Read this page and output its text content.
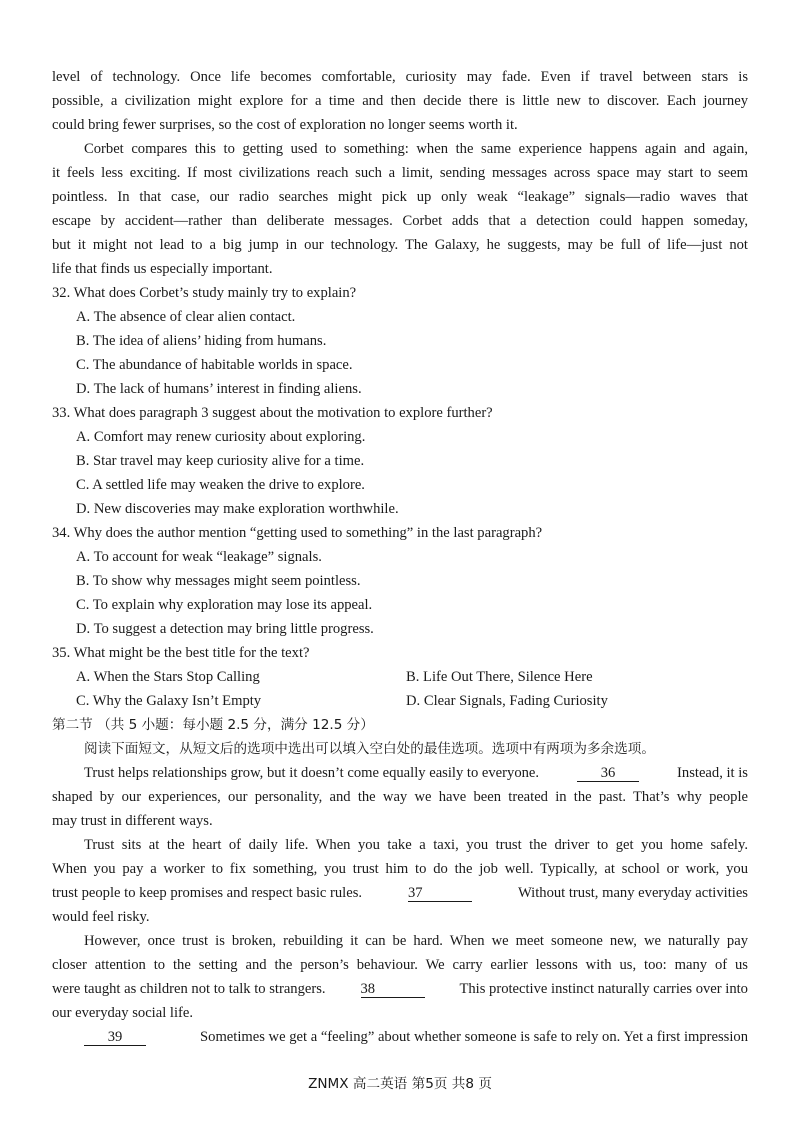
level of technology. Once life becomes comfortable, curiosity may fade. Even if travel between stars is
possible, a civilization might explore for a time and then decide there is little new to discover. Each journey
could bring fewer surprises, so the cost of exploration no longer seems worth it.
Corbet compares this to getting used to something: when the same experience happens again and again,
it feels less exciting. If most civilizations reach such a limit, sending messages across space may start to seem
pointless. In that case, our radio searches might pick up only weak “leakage” signals—radio waves that
escape by accident—rather than deliberate messages. Corbet adds that a detection could happen someday,
but it might not lead to a big jump in our technology. The Galaxy, he suggests, may be full of life—just not
life that finds us especially important.
32. What does Corbet’s study mainly try to explain?
A. The absence of clear alien contact.
B. The idea of aliens’ hiding from humans.
C. The abundance of habitable worlds in space.
D. The lack of humans’ interest in finding aliens.
33. What does paragraph 3 suggest about the motivation to explore further?
A. Comfort may renew curiosity about exploring.
B. Star travel may keep curiosity alive for a time.
C. A settled life may weaken the drive to explore.
D. New discoveries may make exploration worthwhile.
34. Why does the author mention “getting used to something” in the last paragraph?
A. To account for weak “leakage” signals.
B. To show why messages might seem pointless.
C. To explain why exploration may lose its appeal.
D. To suggest a detection may bring little progress.
35. What might be the best title for the text?
A. When the Stars Stop Calling	B. Life Out There, Silence Here
C. Why the Galaxy Isn’t Empty	D. Clear Signals, Fading Curiosity
第二节 （共 5 小题：每小题 2.5 分，满分 12.5 分）
阅读下面短文，从短文后的选项中选出可以填入空白处的最佳选项。选项中有两项为多余选项。
Trust helps relationships grow, but it doesn’t come equally easily to everyone.	36	Instead, it is
shaped by our experiences, our personality, and the way we have been treated in the past. That’s why people
may trust in different ways.
Trust sits at the heart of daily life. When you take a taxi, you trust the driver to get you home safely.
When you pay a worker to fix something, you trust him to do the job well. Typically, at school or work, you
trust people to keep promises and respect basic rules.	37	Without trust, many everyday activities
would feel risky.
However, once trust is broken, rebuilding it can be hard. When we meet someone new, we naturally pay
closer attention to the setting and the person’s behaviour. We carry earlier lessons with us, too: many of us
were taught as children not to talk to strangers. 38	This protective instinct naturally carries over into
our everyday social life.
39	Sometimes we get a “feeling” about whether someone is safe to rely on. Yet a first impression
ZNMX 高二英语 第5页 共8 页
